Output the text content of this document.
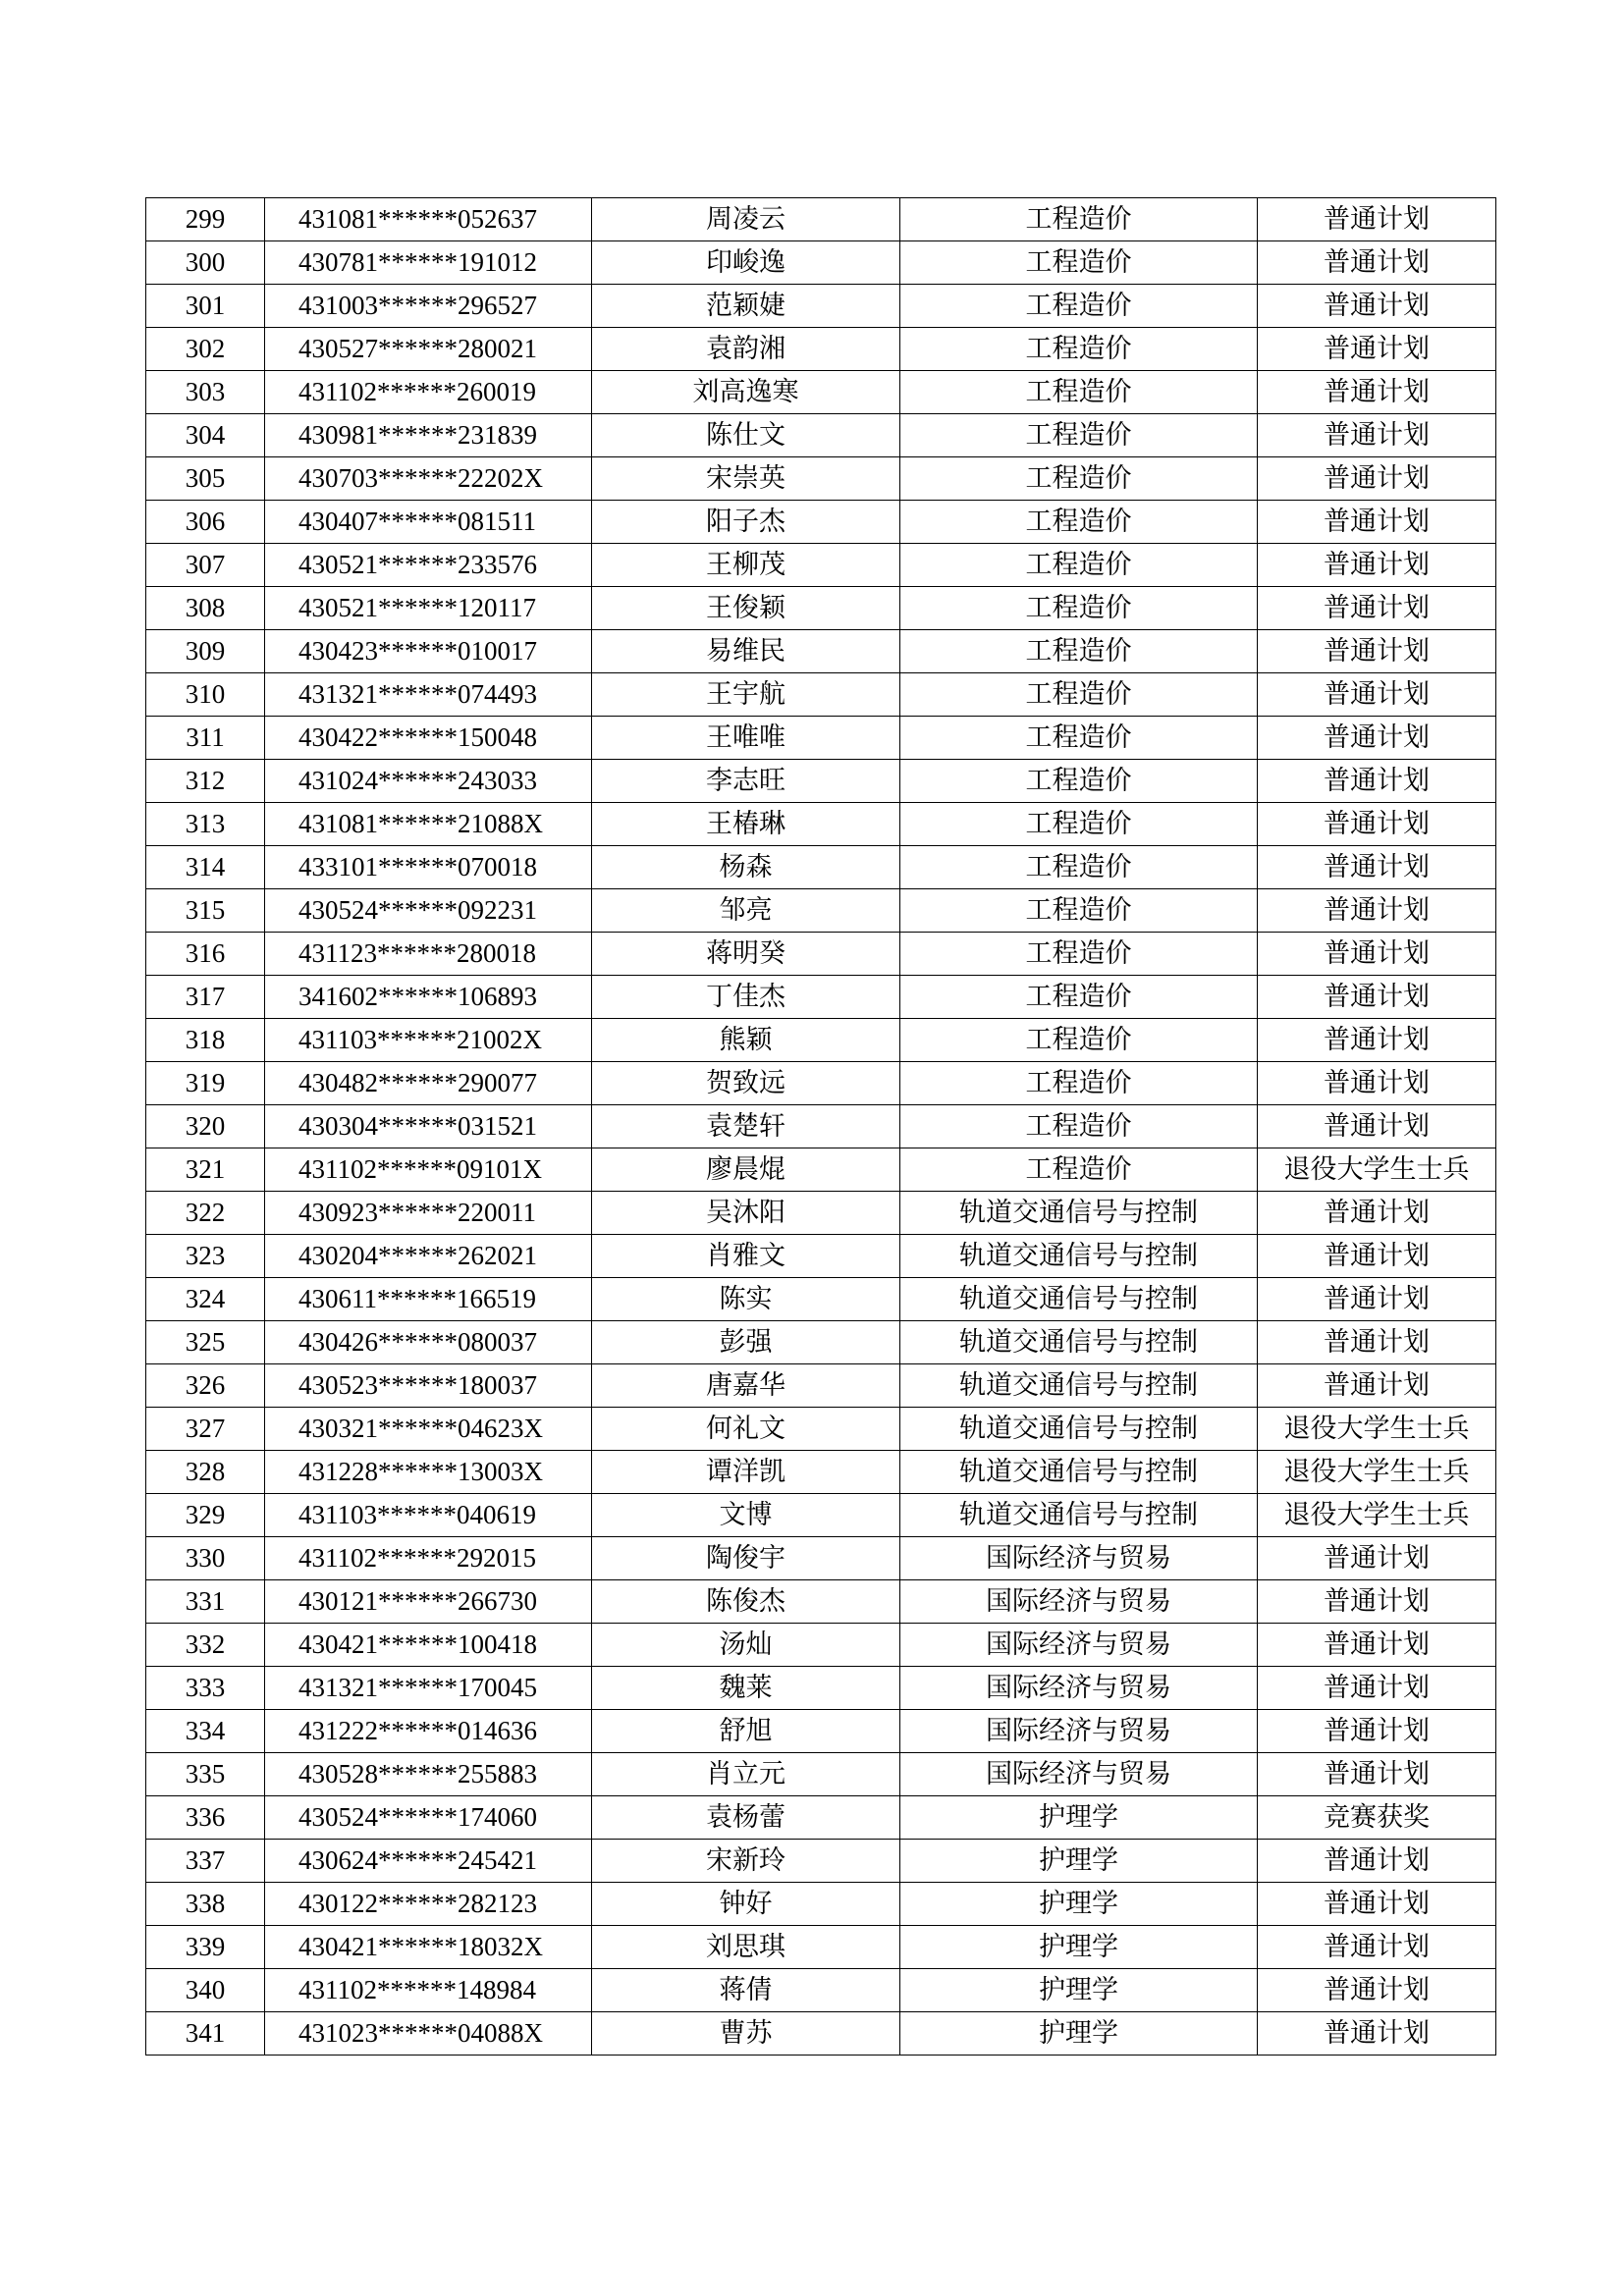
299	431081******052637	周凌云	工程造价	普通计划
300	430781******191012	印峻逸	工程造价	普通计划
301	431003******296527	范颖婕	工程造价	普通计划
302	430527******280021	袁韵湘	工程造价	普通计划
303	431102******260019	刘高逸寒	工程造价	普通计划
304	430981******231839	陈仕文	工程造价	普通计划
305	430703******22202X	宋崇英	工程造价	普通计划
306	430407******081511	阳子杰	工程造价	普通计划
307	430521******233576	王柳茂	工程造价	普通计划
308	430521******120117	王俊颖	工程造价	普通计划
309	430423******010017	易维民	工程造价	普通计划
310	431321******074493	王宇航	工程造价	普通计划
311	430422******150048	王唯唯	工程造价	普通计划
312	431024******243033	李志旺	工程造价	普通计划
313	431081******21088X	王椿琳	工程造价	普通计划
314	433101******070018	杨森	工程造价	普通计划
315	430524******092231	邹亮	工程造价	普通计划
316	431123******280018	蒋明癸	工程造价	普通计划
317	341602******106893	丁佳杰	工程造价	普通计划
318	431103******21002X	熊颖	工程造价	普通计划
319	430482******290077	贺致远	工程造价	普通计划
320	430304******031521	袁楚轩	工程造价	普通计划
321	431102******09101X	廖晨焜	工程造价	退役大学生士兵
322	430923******220011	吴沐阳	轨道交通信号与控制	普通计划
323	430204******262021	肖雅文	轨道交通信号与控制	普通计划
324	430611******166519	陈实	轨道交通信号与控制	普通计划
325	430426******080037	彭强	轨道交通信号与控制	普通计划
326	430523******180037	唐嘉华	轨道交通信号与控制	普通计划
327	430321******04623X	何礼文	轨道交通信号与控制	退役大学生士兵
328	431228******13003X	谭洋凯	轨道交通信号与控制	退役大学生士兵
329	431103******040619	文博	轨道交通信号与控制	退役大学生士兵
330	431102******292015	陶俊宇	国际经济与贸易	普通计划
331	430121******266730	陈俊杰	国际经济与贸易	普通计划
332	430421******100418	汤灿	国际经济与贸易	普通计划
333	431321******170045	魏莱	国际经济与贸易	普通计划
334	431222******014636	舒旭	国际经济与贸易	普通计划
335	430528******255883	肖立元	国际经济与贸易	普通计划
336	430524******174060	袁杨蕾	护理学	竞赛获奖
337	430624******245421	宋新玲	护理学	普通计划
338	430122******282123	钟好	护理学	普通计划
339	430421******18032X	刘思琪	护理学	普通计划
340	431102******148984	蒋倩	护理学	普通计划
341	431023******04088X	曹苏	护理学	普通计划
